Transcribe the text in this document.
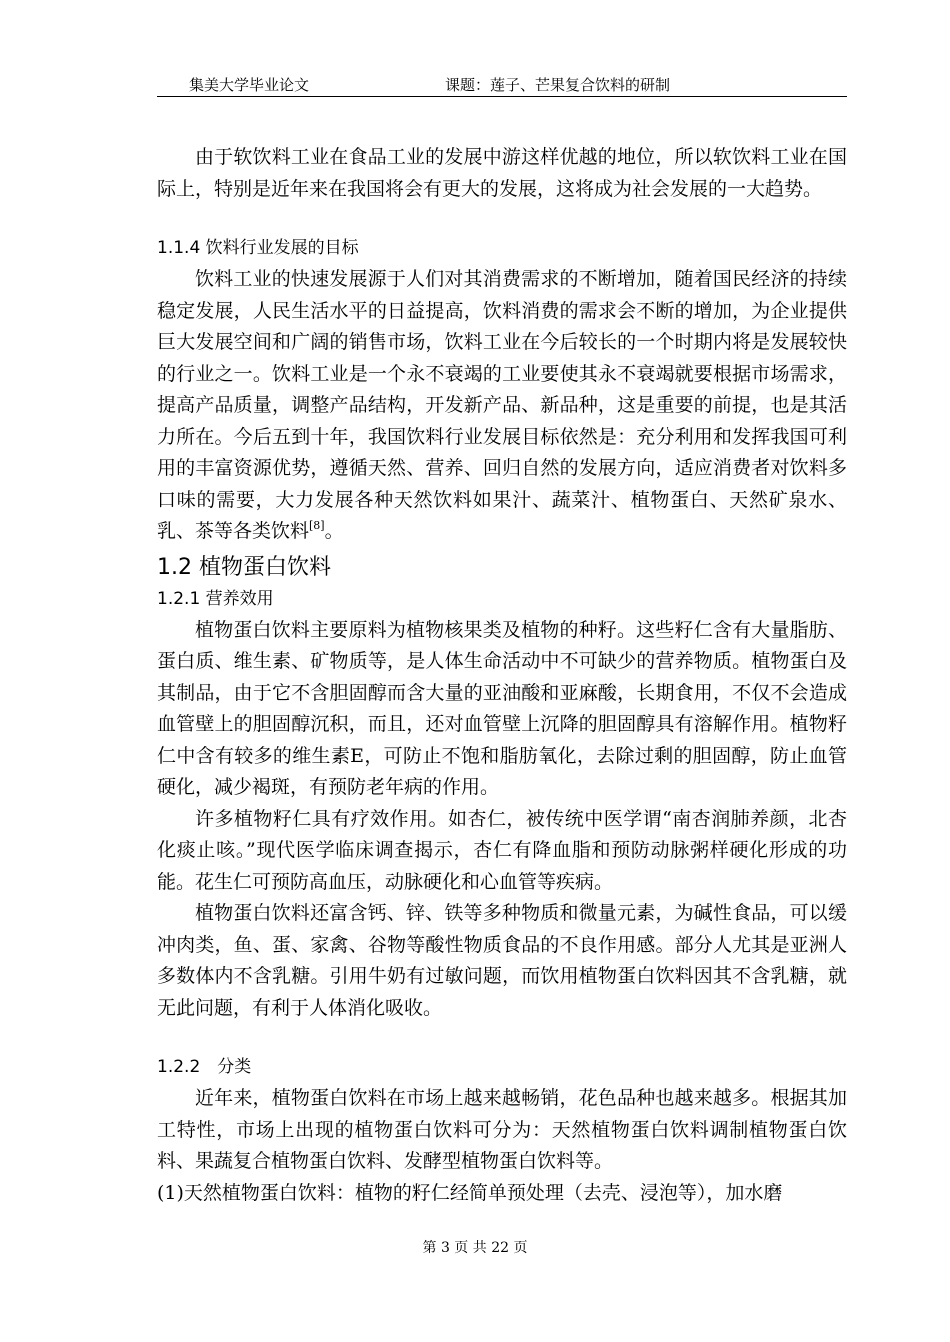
集美大学毕业论文	课题：莲子、芒果复合饮料的研制

由于软饮料工业在食品工业的发展中游这样优越的地位，所以软饮料工业在国际上，特别是近年来在我国将会有更大的发展，这将成为社会发展的一大趋势。

1.1.4 饮料行业发展的目标

饮料工业的快速发展源于人们对其消费需求的不断增加，随着国民经济的持续稳定发展，人民生活水平的日益提高，饮料消费的需求会不断的增加，为企业提供巨大发展空间和广阔的销售市场，饮料工业在今后较长的一个时期内将是发展较快的行业之一。饮料工业是一个永不衰竭的工业要使其永不衰竭就要根据市场需求，提高产品质量，调整产品结构，开发新产品、新品种，这是重要的前提，也是其活力所在。今后五到十年，我国饮料行业发展目标依然是：充分利用和发挥我国可利用的丰富资源优势，遵循天然、营养、回归自然的发展方向，适应消费者对饮料多口味的需要，大力发展各种天然饮料如果汁、蔬菜汁、植物蛋白、天然矿泉水、乳、茶等各类饮料[8]。

1.2 植物蛋白饮料

1.2.1 营养效用

植物蛋白饮料主要原料为植物核果类及植物的种籽。这些籽仁含有大量脂肪、蛋白质、维生素、矿物质等，是人体生命活动中不可缺少的营养物质。植物蛋白及其制品，由于它不含胆固醇而含大量的亚油酸和亚麻酸，长期食用，不仅不会造成血管壁上的胆固醇沉积，而且，还对血管壁上沉降的胆固醇具有溶解作用。植物籽仁中含有较多的维生素E，可防止不饱和脂肪氧化，去除过剩的胆固醇，防止血管硬化，减少褐斑，有预防老年病的作用。

许多植物籽仁具有疗效作用。如杏仁，被传统中医学谓“南杏润肺养颜，北杏化痰止咳。”现代医学临床调查揭示，杏仁有降血脂和预防动脉粥样硬化形成的功能。花生仁可预防高血压，动脉硬化和心血管等疾病。

植物蛋白饮料还富含钙、锌、铁等多种物质和微量元素，为碱性食品，可以缓冲肉类，鱼、蛋、家禽、谷物等酸性物质食品的不良作用感。部分人尤其是亚洲人多数体内不含乳糖。引用牛奶有过敏问题，而饮用植物蛋白饮料因其不含乳糖，就无此问题，有利于人体消化吸收。

1.2.2　分类

近年来，植物蛋白饮料在市场上越来越畅销，花色品种也越来越多。根据其加工特性，市场上出现的植物蛋白饮料可分为：天然植物蛋白饮料调制植物蛋白饮料、果蔬复合植物蛋白饮料、发酵型植物蛋白饮料等。

(1)天然植物蛋白饮料：植物的籽仁经简单预处理（去壳、浸泡等），加水磨

第 3 页 共 22 页
